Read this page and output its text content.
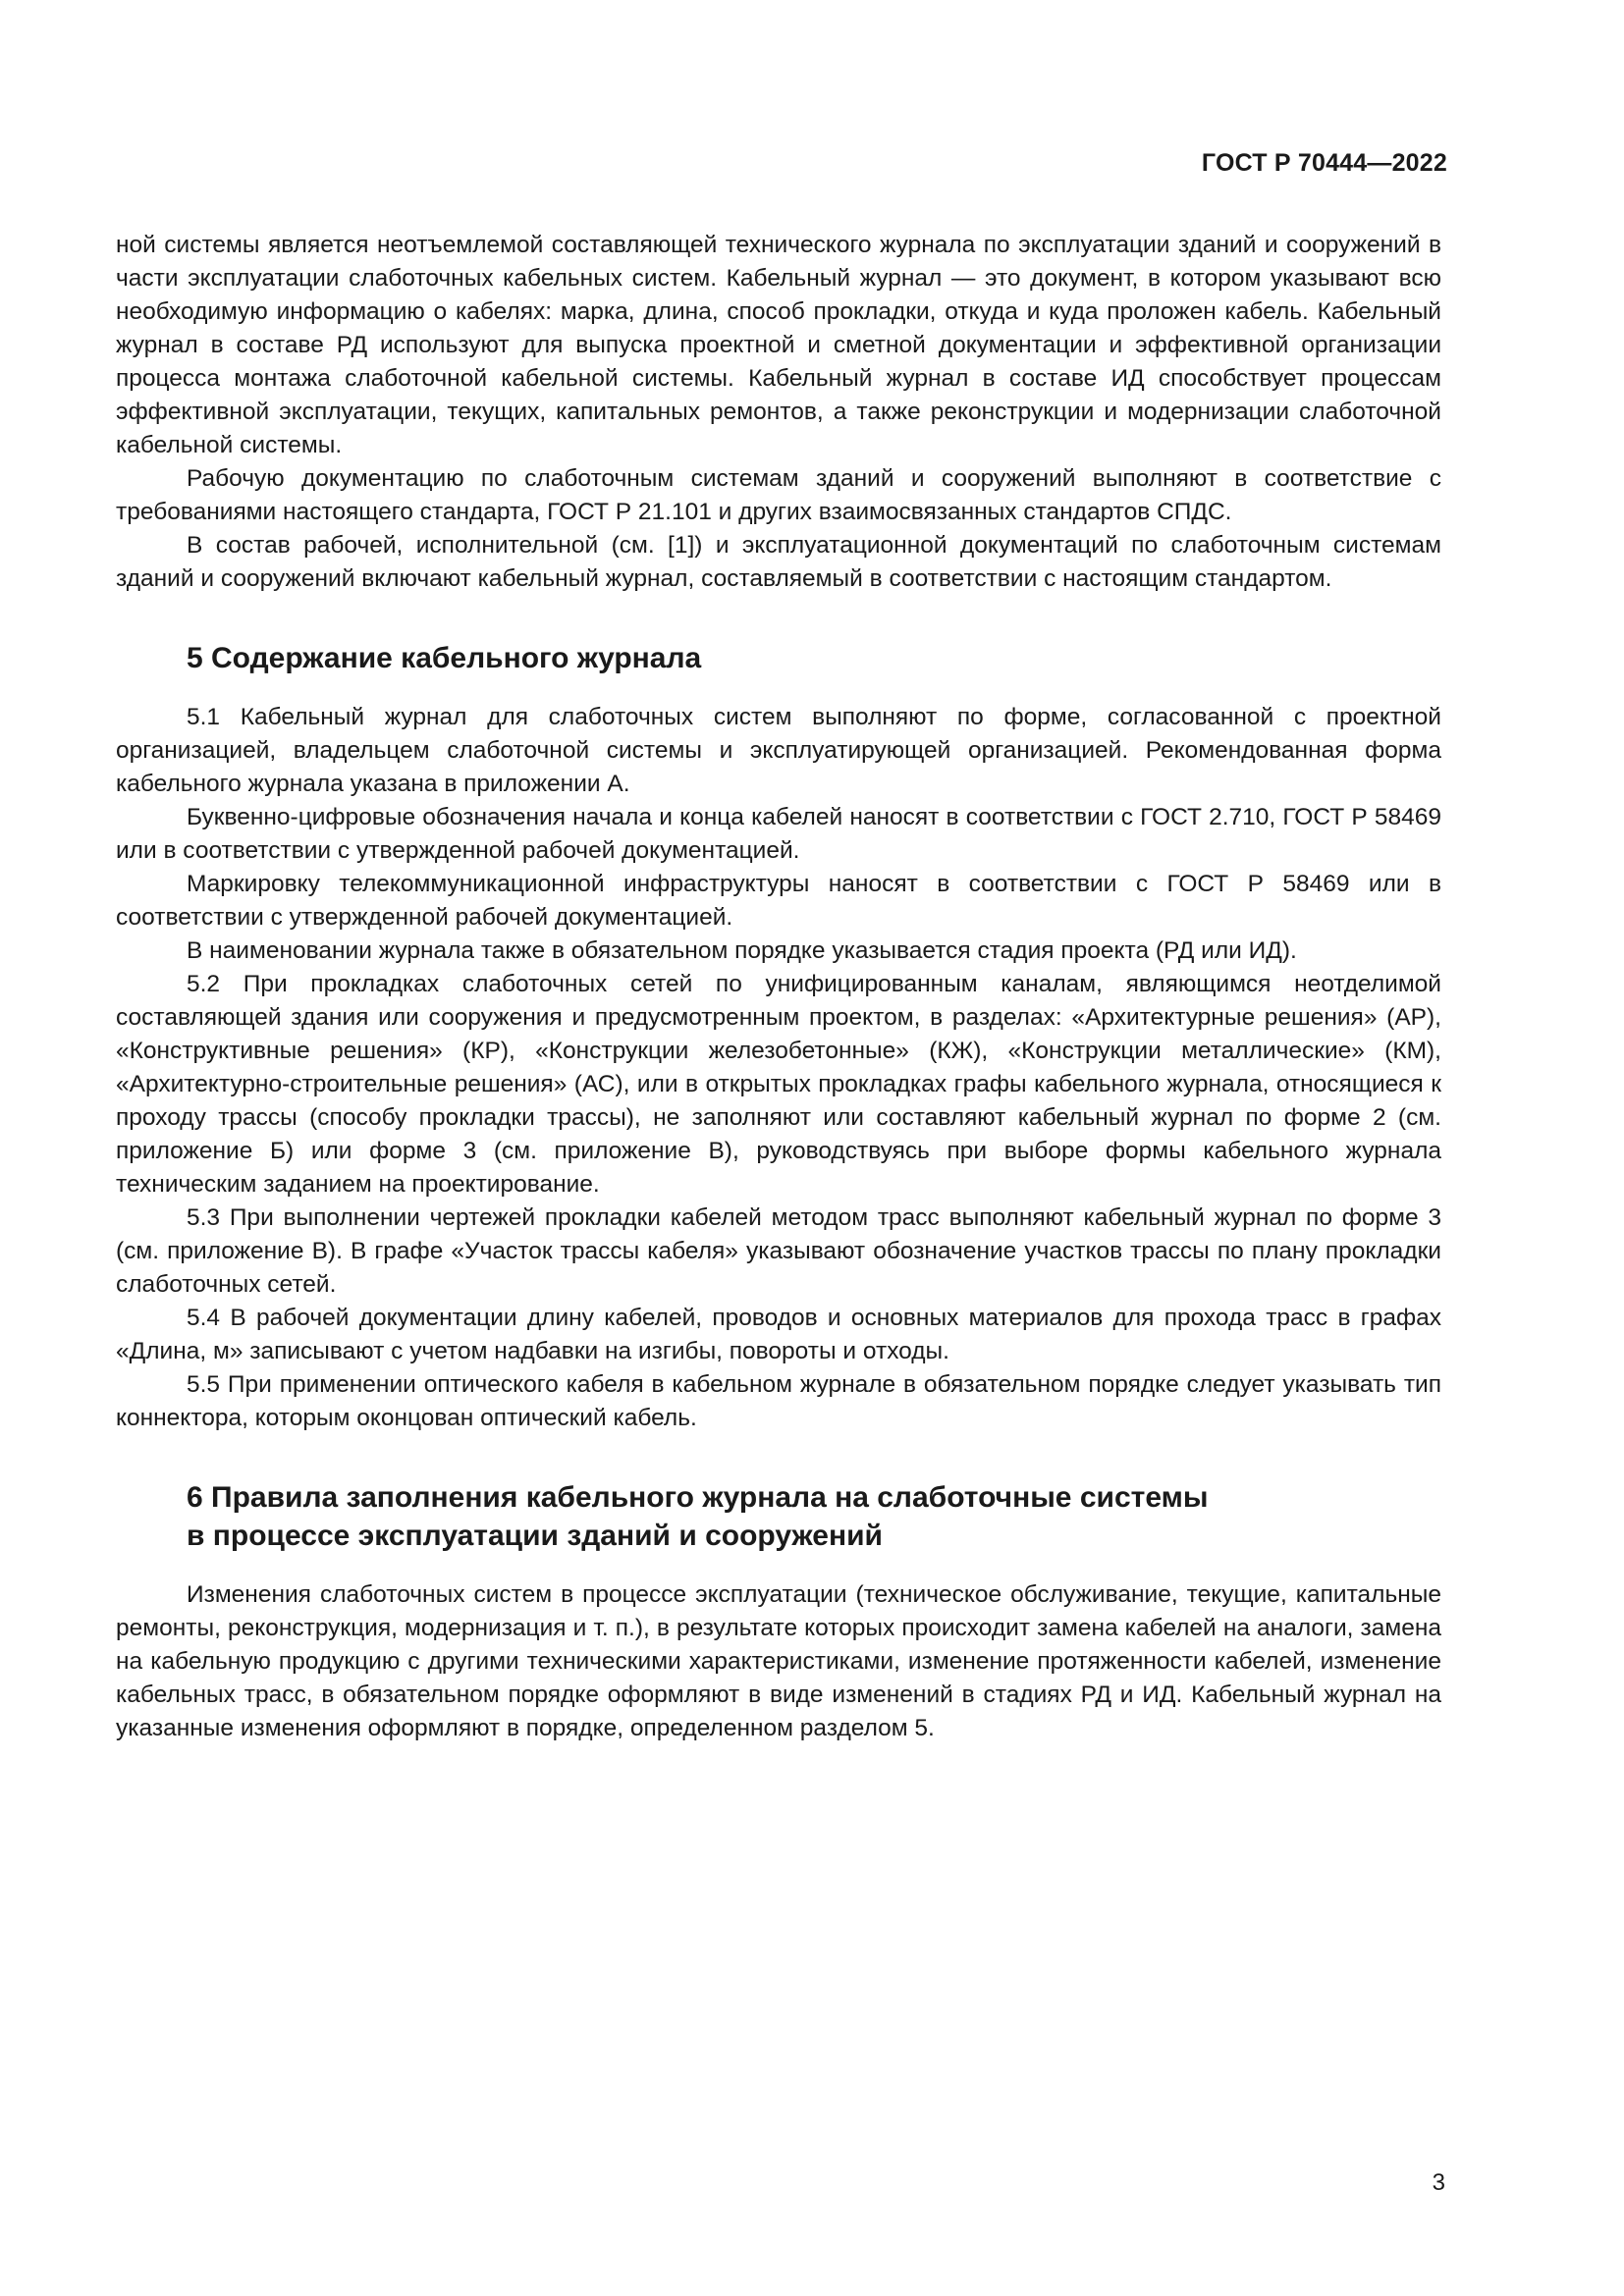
ГОСТ Р 70444—2022

ной системы является неотъемлемой составляющей технического журнала по эксплуатации зданий и сооружений в части эксплуатации слаботочных кабельных систем. Кабельный журнал — это документ, в котором указывают всю необходимую информацию о кабелях: марка, длина, способ прокладки, откуда и куда проложен кабель. Кабельный журнал в составе РД используют для выпуска проектной и сметной документации и эффективной организации процесса монтажа слаботочной кабельной системы. Кабельный журнал в составе ИД способствует процессам эффективной эксплуатации, текущих, капитальных ремонтов, а также реконструкции и модернизации слаботочной кабельной системы.

Рабочую документацию по слаботочным системам зданий и сооружений выполняют в соответствие с требованиями настоящего стандарта, ГОСТ Р 21.101 и других взаимосвязанных стандартов СПДС.

В состав рабочей, исполнительной (см. [1]) и эксплуатационной документаций по слаботочным системам зданий и сооружений включают кабельный журнал, составляемый в соответствии с настоящим стандартом.

5 Содержание кабельного журнала

5.1 Кабельный журнал для слаботочных систем выполняют по форме, согласованной с проектной организацией, владельцем слаботочной системы и эксплуатирующей организацией. Рекомендованная форма кабельного журнала указана в приложении А.

Буквенно-цифровые обозначения начала и конца кабелей наносят в соответствии с ГОСТ 2.710, ГОСТ Р 58469 или в соответствии с утвержденной рабочей документацией.

Маркировку телекоммуникационной инфраструктуры наносят в соответствии с ГОСТ Р 58469 или в соответствии с утвержденной рабочей документацией.

В наименовании журнала также в обязательном порядке указывается стадия проекта (РД или ИД).

5.2 При прокладках слаботочных сетей по унифицированным каналам, являющимся неотделимой составляющей здания или сооружения и предусмотренным проектом, в разделах: «Архитектурные решения» (АР), «Конструктивные решения» (КР), «Конструкции железобетонные» (КЖ), «Конструкции металлические» (КМ), «Архитектурно-строительные решения» (АС), или в открытых прокладках графы кабельного журнала, относящиеся к проходу трассы (способу прокладки трассы), не заполняют или составляют кабельный журнал по форме 2 (см. приложение Б) или форме 3 (см. приложение В), руководствуясь при выборе формы кабельного журнала техническим заданием на проектирование.

5.3 При выполнении чертежей прокладки кабелей методом трасс выполняют кабельный журнал по форме 3 (см. приложение В). В графе «Участок трассы кабеля» указывают обозначение участков трассы по плану прокладки слаботочных сетей.

5.4 В рабочей документации длину кабелей, проводов и основных материалов для прохода трасс в графах «Длина, м» записывают с учетом надбавки на изгибы, повороты и отходы.

5.5 При применении оптического кабеля в кабельном журнале в обязательном порядке следует указывать тип коннектора, которым оконцован оптический кабель.

6 Правила заполнения кабельного журнала на слаботочные системы
в процессе эксплуатации зданий и сооружений

Изменения слаботочных систем в процессе эксплуатации (техническое обслуживание, текущие, капитальные ремонты, реконструкция, модернизация и т. п.), в результате которых происходит замена кабелей на аналоги, замена на кабельную продукцию с другими техническими характеристиками, изменение протяженности кабелей, изменение кабельных трасс, в обязательном порядке оформляют в виде изменений в стадиях РД и ИД. Кабельный журнал на указанные изменения оформляют в порядке, определенном разделом 5.

3
